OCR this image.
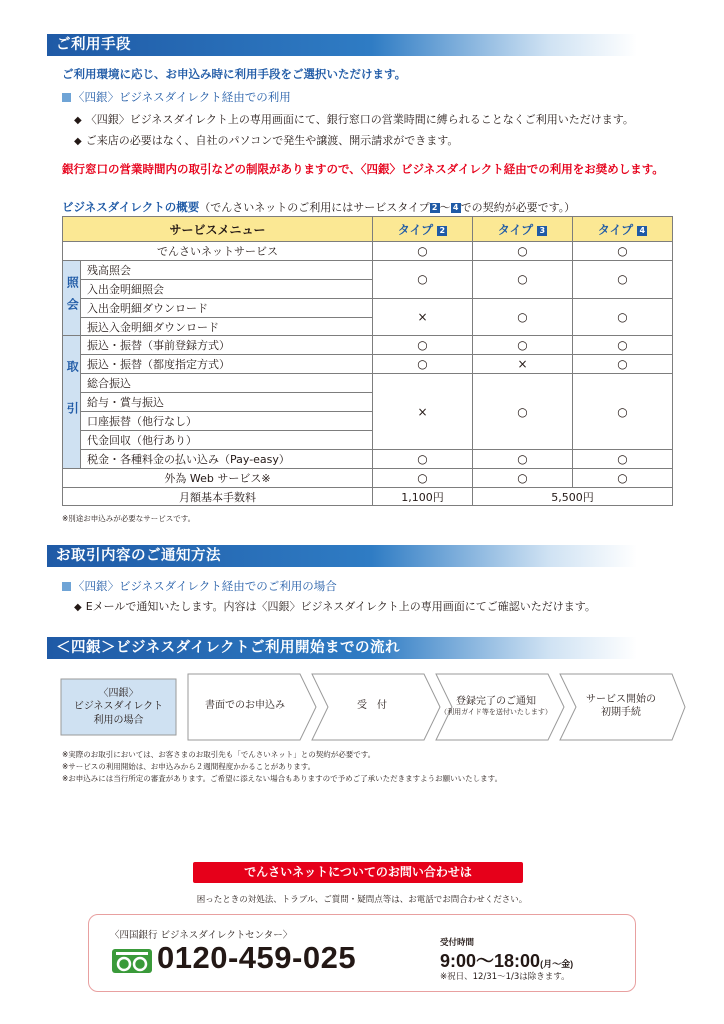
ご利用手段
ご利用環境に応じ、お申込み時に利用手段をご選択いただけます。
〈四銀〉ビジネスダイレクト経由での利用
◆ 〈四銀〉ビジネスダイレクト上の専用画面にて、銀行窓口の営業時間に縛られることなくご利用いただけます。
◆ ご来店の必要はなく、自社のパソコンで発生や譲渡、開示請求ができます。
銀行窓口の営業時間内の取引などの制限がありますので、〈四銀〉ビジネスダイレクト経由での利用をお奨めします。
ビジネスダイレクトの概要（でんさいネットのご利用にはサービスタイプ 2 〜 4 での契約が必要です。）
サービスメニュー		タイプ 2	タイプ 3	タイプ 4
でんさいネットサービス		○	○	○
照会	残高照会	○	○	○
	入出金明細照会			
	入出金明細ダウンロード	×	○	○
	振込入金明細ダウンロード			
取引	振込・振替（事前登録方式）	○	○	○
	振込・振替（都度指定方式）	○	×	○
	総合振込	×	○	○
	給与・賞与振込			
	口座振替（他行なし）			
	代金回収（他行あり）			
	税金・各種料金の払い込み（Pay-easy）	○	○	○
外為 Web サービス※		○	○	○
月額基本手数料		1,100円	5,500円	
※別途お申込みが必要なサービスです。
お取引内容のご通知方法
〈四銀〉ビジネスダイレクト経由でのご利用の場合
◆ Eメールで通知いたします。内容は〈四銀〉ビジネスダイレクト上の専用画面にてご確認いただけます。
＜四銀＞ビジネスダイレクトご利用開始までの流れ
〈四銀〉
ビジネスダイレクト
利用の場合
書面でのお申込み	受　付	登録完了のご通知
（利用ガイド等を送付いたします）
サービス開始の
初期手続
※実際のお取引においては、お客さまのお取引先も「でんさいネット」との契約が必要です。
※サービスの利用開始は、お申込みから２週間程度かかることがあります。
※お申込みには当行所定の審査があります。ご希望に添えない場合もありますので予めご了承いただきますようお願いいたします。
でんさいネットについてのお問い合わせは
困ったときの対処法、トラブル、ご質問・疑問点等は、お電話でお問合わせください。
〈四国銀行 ビジネスダイレクトセンター〉
0120-459-025	受付時間
9:00〜18:00(月〜金)
※祝日、12/31〜1/3は除きます。
